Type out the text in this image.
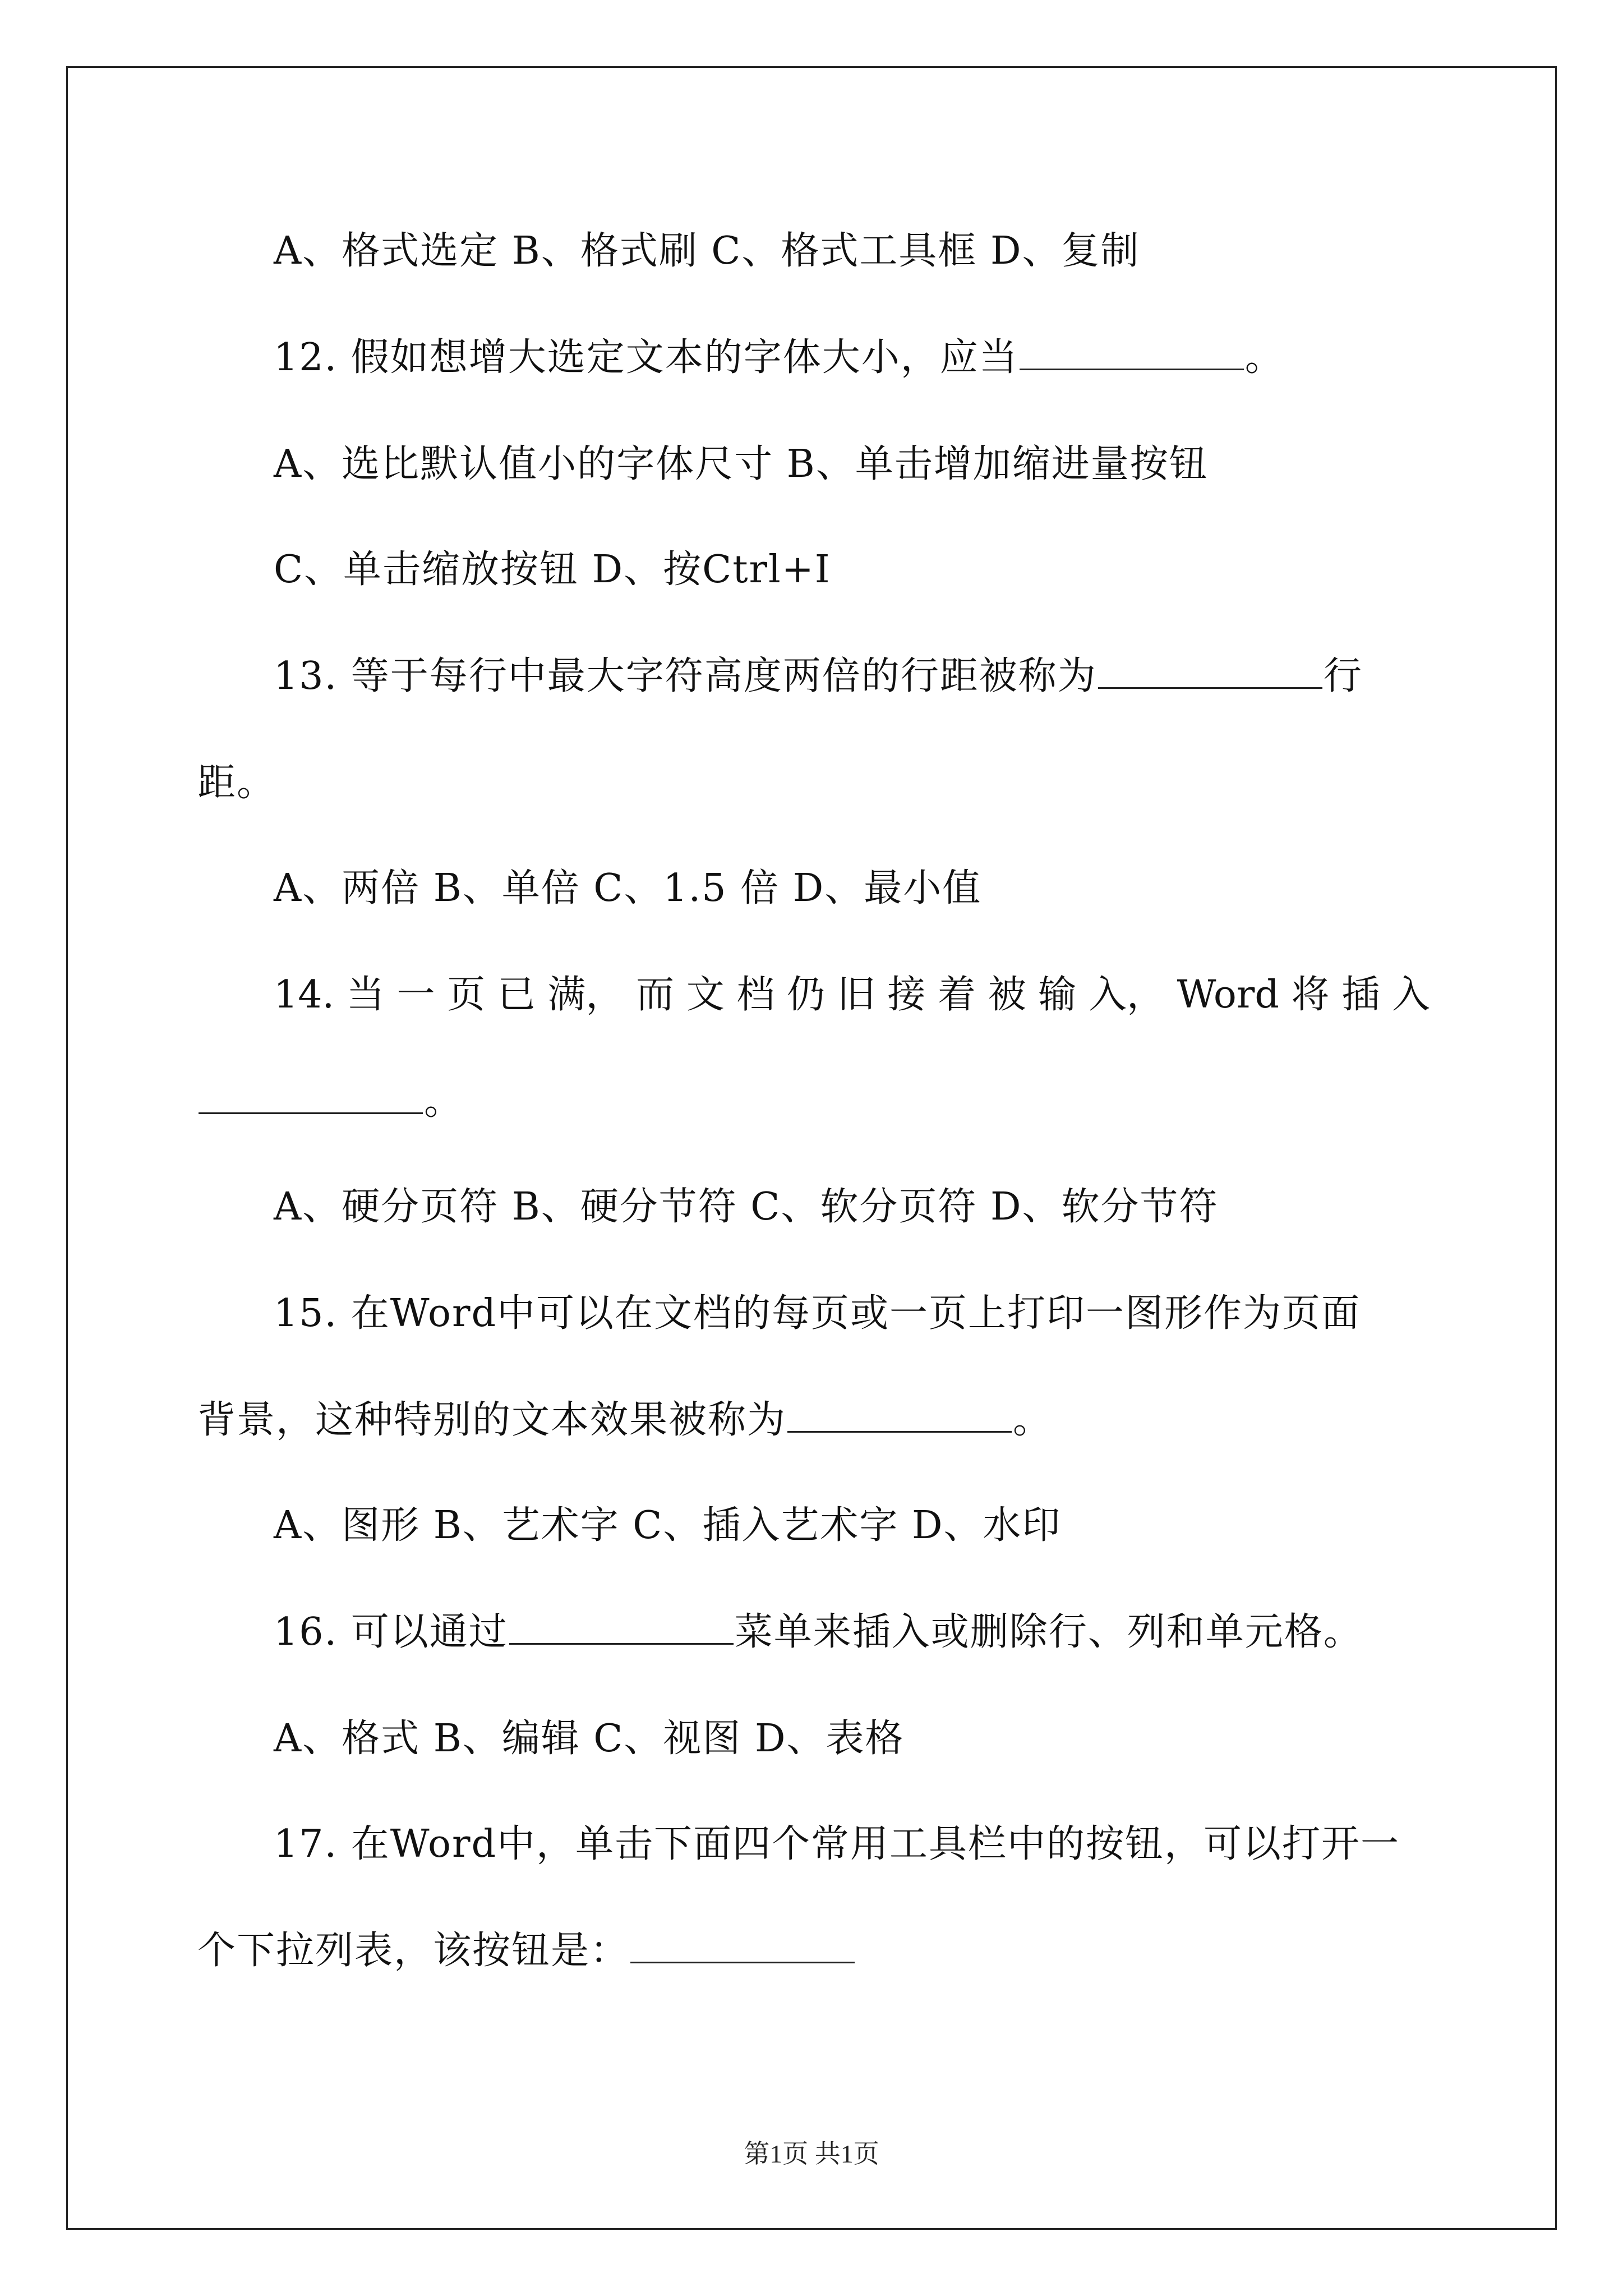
A、格式选定 B、格式刷 C、格式工具框 D、复制
12. 假如想增大选定文本的字体大小，应当	。
A、选比默认值小的字体尺寸 B、单击增加缩进量按钮
C、单击缩放按钮 D、按Ctrl+I
13. 等于每行中最大字符高度两倍的行距被称为	行
距。
A、两倍 B、单倍 C、1.5 倍 D、最小值
14. 当 一 页 已 满， 而 文 档 仍 旧 接 着 被 输 入， Word 将 插 入
。
A、硬分页符 B、硬分节符 C、软分页符 D、软分节符
15. 在Word中可以在文档的每页或一页上打印一图形作为页面
背景，这种特别的文本效果被称为	。
A、图形 B、艺术字 C、插入艺术字 D、水印
16. 可以通过	菜单来插入或删除行、列和单元格。
A、格式 B、编辑 C、视图 D、表格
17. 在Word中，单击下面四个常用工具栏中的按钮，可以打开一
个下拉列表，该按钮是：
第1页 共1页
